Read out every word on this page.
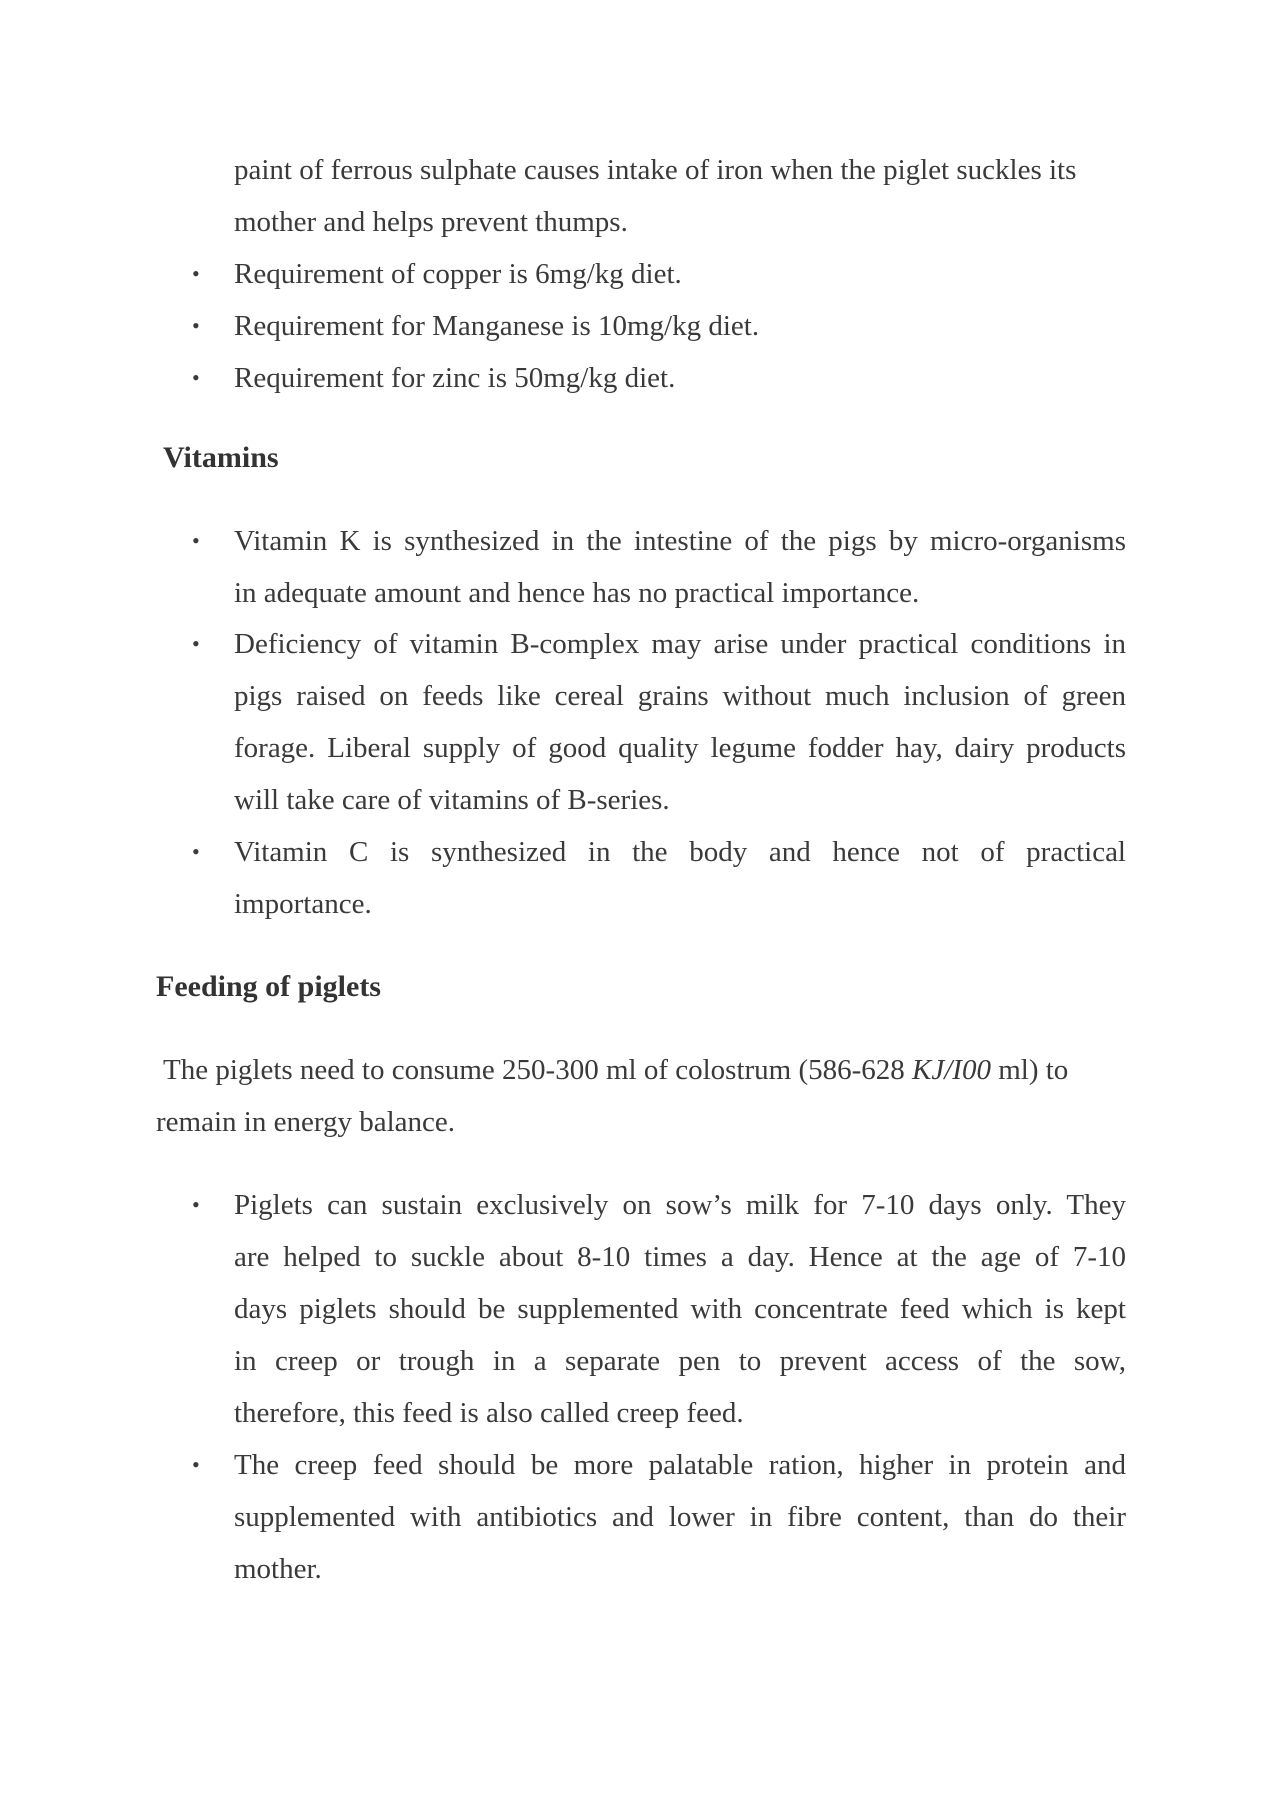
paint of ferrous sulphate causes intake of iron when the piglet suckles its
mother and helps prevent thumps.
• Requirement of copper is 6mg/kg diet.
• Requirement for Manganese is 10mg/kg diet.
• Requirement for zinc is 50mg/kg diet.
Vitamins
• Vitamin K is synthesized in the intestine of the pigs by micro-organisms
in adequate amount and hence has no practical importance.
• Deficiency of vitamin B-complex may arise under practical conditions in
pigs raised on feeds like cereal grains without much inclusion of green
forage. Liberal supply of good quality legume fodder hay, dairy products
will take care of vitamins of B-series.
• Vitamin C is synthesized in the body and hence not of practical
importance.
Feeding of piglets
The piglets need to consume 250-300 ml of colostrum (586-628 KJ/I00 ml) to
remain in energy balance.
• Piglets can sustain exclusively on sow’s milk for 7-10 days only. They
are helped to suckle about 8-10 times a day. Hence at the age of 7-10
days piglets should be supplemented with concentrate feed which is kept
in creep or trough in a separate pen to prevent access of the sow,
therefore, this feed is also called creep feed.
• The creep feed should be more palatable ration, higher in protein and
supplemented with antibiotics and lower in fibre content, than do their
mother.
